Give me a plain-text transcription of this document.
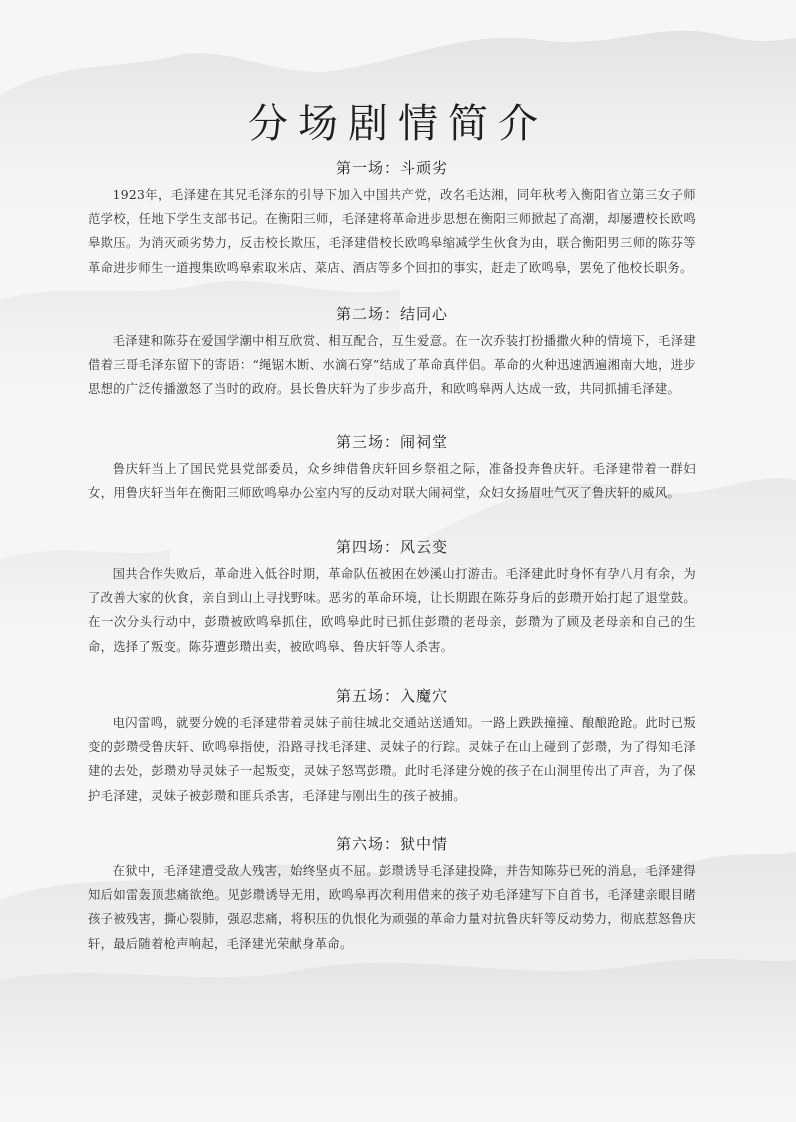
分场剧情简介
第一场：斗顽劣

1923年，毛泽建在其兄毛泽东的引导下加入中国共产党，改名毛达湘，同年秋考入衡阳省立第三女子师范学校，任地下学生支部书记。在衡阳三师，毛泽建将革命进步思想在衡阳三师掀起了高潮，却屡遭校长欧鸣皋欺压。为消灭顽劣势力，反击校长欺压，毛泽建借校长欧鸣皋缩减学生伙食为由，联合衡阳男三师的陈芬等革命进步师生一道搜集欧鸣皋索取米店、菜店、酒店等多个回扣的事实，赶走了欧鸣皋，罢免了他校长职务。

第二场：结同心

毛泽建和陈芬在爱国学潮中相互欣赏、相互配合，互生爱意。在一次乔装打扮播撒火种的情境下，毛泽建借着三哥毛泽东留下的寄语：“绳锯木断、水滴石穿”结成了革命真伴侣。革命的火种迅速洒遍湘南大地，进步思想的广泛传播激怒了当时的政府。县长鲁庆轩为了步步高升，和欧鸣皋两人达成一致，共同抓捕毛泽建。

第三场：闹祠堂

鲁庆轩当上了国民党县党部委员，众乡绅借鲁庆轩回乡祭祖之际，准备投奔鲁庆轩。毛泽建带着一群妇女，用鲁庆轩当年在衡阳三师欧鸣皋办公室内写的反动对联大闹祠堂，众妇女扬眉吐气灭了鲁庆轩的威风。

第四场：风云变

国共合作失败后，革命进入低谷时期，革命队伍被困在妙溪山打游击。毛泽建此时身怀有孕八月有余，为了改善大家的伙食，亲自到山上寻找野味。恶劣的革命环境，让长期跟在陈芬身后的彭瓒开始打起了退堂鼓。在一次分头行动中，彭瓒被欧鸣皋抓住，欧鸣皋此时已抓住彭瓒的老母亲，彭瓒为了顾及老母亲和自己的生命，选择了叛变。陈芬遭彭瓒出卖，被欧鸣皋、鲁庆轩等人杀害。

第五场：入魔穴

电闪雷鸣，就要分娩的毛泽建带着灵妹子前往城北交通站送通知。一路上跌跌撞撞、酿酿跄跄。此时已叛变的彭瓒受鲁庆轩、欧鸣皋指使，沿路寻找毛泽建、灵妹子的行踪。灵妹子在山上碰到了彭瓒，为了得知毛泽建的去处，彭瓒劝导灵妹子一起叛变，灵妹子怒骂彭瓒。此时毛泽建分娩的孩子在山洞里传出了声音，为了保护毛泽建，灵妹子被彭瓒和匪兵杀害，毛泽建与刚出生的孩子被捕。

第六场：狱中情

在狱中，毛泽建遭受敌人残害，始终坚贞不屈。彭瓒诱导毛泽建投降，并告知陈芬已死的消息，毛泽建得知后如雷轰顶悲痛欲绝。见彭瓒诱导无用，欧鸣皋再次利用借来的孩子劝毛泽建写下自首书，毛泽建亲眼目睹孩子被残害，撕心裂肺，强忍悲痛，将积压的仇恨化为顽强的革命力量对抗鲁庆轩等反动势力，彻底惹怒鲁庆轩，最后随着枪声响起，毛泽建光荣献身革命。
